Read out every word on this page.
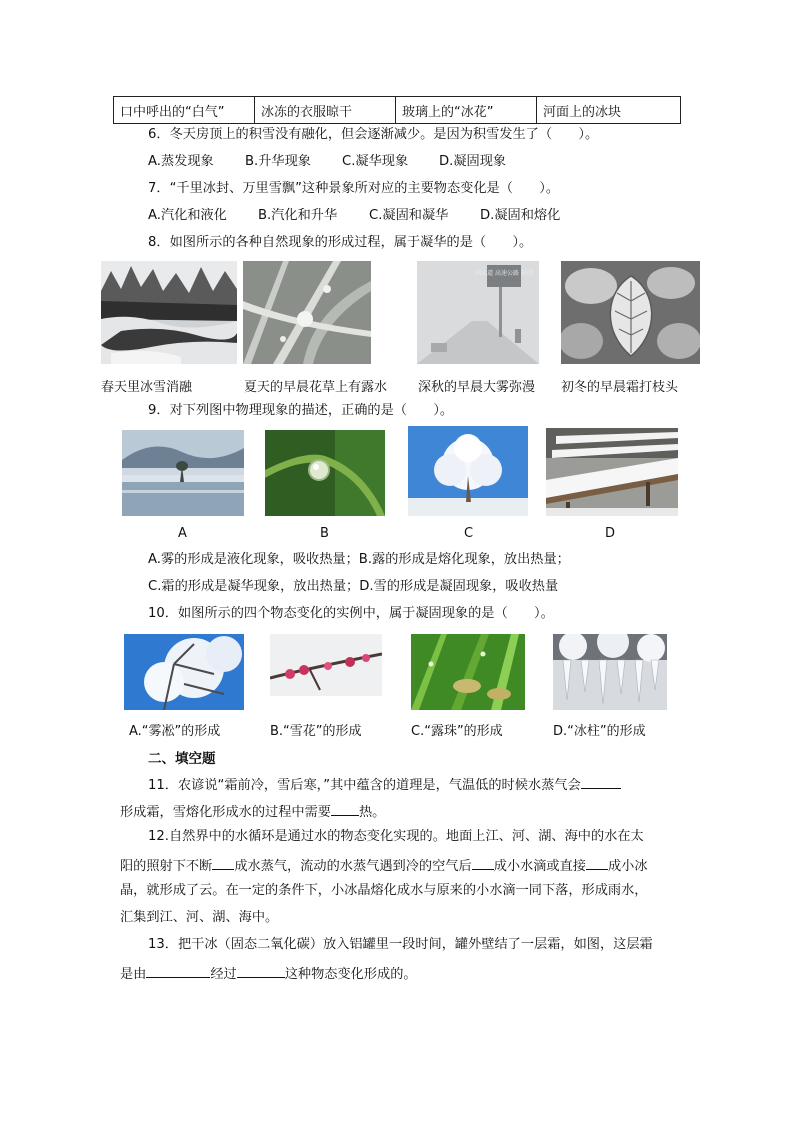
口中呼出的“白气”	冰冻的衣服晾干	玻璃上的“冰花”	河面上的冰块
6．冬天房顶上的积雪没有融化，但会逐渐减少。是因为积雪发生了（　　）。
A.蒸发现象 B.升华现象 C.凝华现象 D.凝固现象
7．“千里冰封、万里雪飘”这种景象所对应的主要物态变化是（　　）。
A.汽化和液化 B.汽化和升华 C.凝固和凝华 D.凝固和熔化
8．如图所示的各种自然现象的形成过程，属于凝华的是（　　）。
国大道 高速公路 封闭
春天里冰雪消融	夏天的早晨花草上有露水 深秋的早晨大雾弥漫 初冬的早晨霜打枝头
9．对下列图中物理现象的描述，正确的是（　　）。
A	B	C	D
A.雾的形成是液化现象，吸收热量；B.露的形成是熔化现象，放出热量；
C.霜的形成是凝华现象，放出热量；D.雪的形成是凝固现象，吸收热量
10．如图所示的四个物态变化的实例中，属于凝固现象的是（　　）。
A.“雾凇”的形成	B.“雪花”的形成	C.“露珠”的形成	D.“冰柱”的形成
二、填空题
11．农谚说“霜前冷，雪后寒，”其中蕴含的道理是，气温低的时候水蒸气会
形成霜，雪熔化形成水的过程中需要 热。
12.自然界中的水循环是通过水的物态变化实现的。地面上江、河、湖、海中的水在太
阳的照射下不断 成水蒸气，流动的水蒸气遇到冷的空气后 成小水滴或直接 成小冰
晶，就形成了云。在一定的条件下，小冰晶熔化成水与原来的小水滴一同下落，形成雨水，
汇集到江、河、湖、海中。
13．把干冰（固态二氧化碳）放入铝罐里一段时间，罐外壁结了一层霜，如图，这层霜
是由	经过	这种物态变化形成的。
